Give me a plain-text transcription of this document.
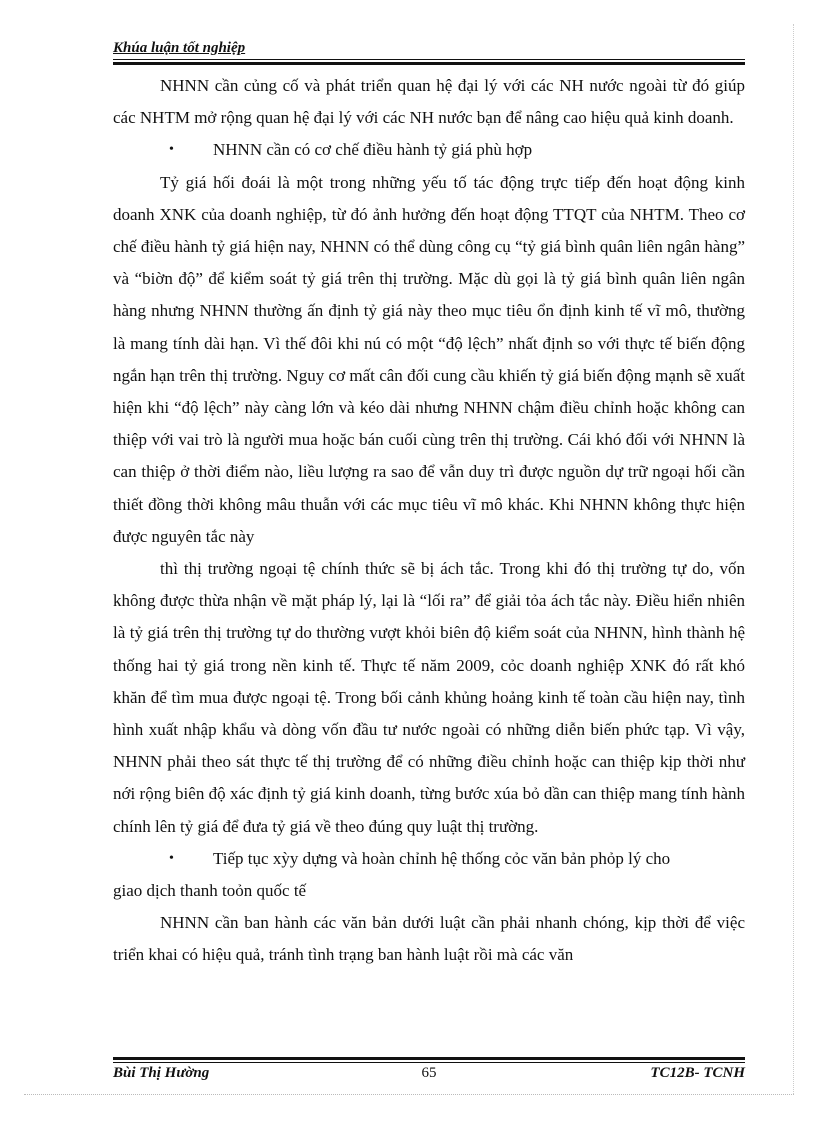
Khúa luận tốt nghiệp

NHNN cần củng cố và phát triển quan hệ đại lý với các NH nước ngoài từ đó giúp các NHTM mở rộng quan hệ đại lý với các NH nước bạn để nâng cao hiệu quả kinh doanh.

•	NHNN cần có cơ chế điều hành tỷ giá phù hợp

Tỷ giá hối đoái là một trong những yếu tố tác động trực tiếp đến hoạt động kinh doanh XNK của doanh nghiệp, từ đó ảnh hưởng đến hoạt động TTQT của NHTM. Theo cơ chế điều hành tỷ giá hiện nay, NHNN có thể dùng công cụ “tỷ giá bình quân liên ngân hàng” và “biờn độ” để kiểm soát tỷ giá trên thị trường. Mặc dù gọi là tỷ giá bình quân liên ngân hàng nhưng NHNN thường ấn định tỷ giá này theo mục tiêu ổn định kinh tế vĩ mô, thường là mang tính dài hạn. Vì thế đôi khi nú có một “độ lệch” nhất định so với thực tế biến động ngắn hạn trên thị trường. Nguy cơ mất cân đối cung cầu khiến tỷ giá biến động mạnh sẽ xuất hiện khi “độ lệch” này càng lớn và kéo dài nhưng NHNN chậm điều chỉnh hoặc không can thiệp với vai trò là người mua hoặc bán cuối cùng trên thị trường. Cái khó đối với NHNN là can thiệp ở thời điểm nào, liều lượng ra sao để vẫn duy trì được nguồn dự trữ ngoại hối cần thiết đồng thời không mâu thuẫn với các mục tiêu vĩ mô khác. Khi NHNN không thực hiện được nguyên tắc này

thì thị trường ngoại tệ chính thức sẽ bị ách tắc. Trong khi đó thị trường tự do, vốn không được thừa nhận về mặt pháp lý, lại là “lối ra” để giải tỏa ách tắc này. Điều hiển nhiên là tỷ giá trên thị trường tự do thường vượt khỏi biên độ kiểm soát của NHNN, hình thành hệ thống hai tỷ giá trong nền kinh tế. Thực tế năm 2009, cỏc doanh nghiệp XNK đó rất khó khăn để tìm mua được ngoại tệ. Trong bối cảnh khủng hoảng kinh tế toàn cầu hiện nay, tình hình xuất nhập khẩu và dòng vốn đầu tư nước ngoài có những diễn biến phức tạp. Vì vậy, NHNN phải theo sát thực tế thị trường để có những điều chỉnh hoặc can thiệp kịp thời như nới rộng biên độ xác định tỷ giá kinh doanh, từng bước xúa bỏ dần can thiệp mang tính hành chính lên tỷ giá để đưa tỷ giá về theo đúng quy luật thị trường.

•	Tiếp tục xỳy dựng và hoàn chỉnh hệ thống cỏc văn bản phỏp lý cho

giao dịch thanh toỏn quốc tế

NHNN cần ban hành các văn bản dưới luật cần phải nhanh chóng, kịp thời để việc triển khai có hiệu quả, tránh tình trạng ban hành luật rồi mà các văn

Bùi Thị Hường	65	TC12B- TCNH
